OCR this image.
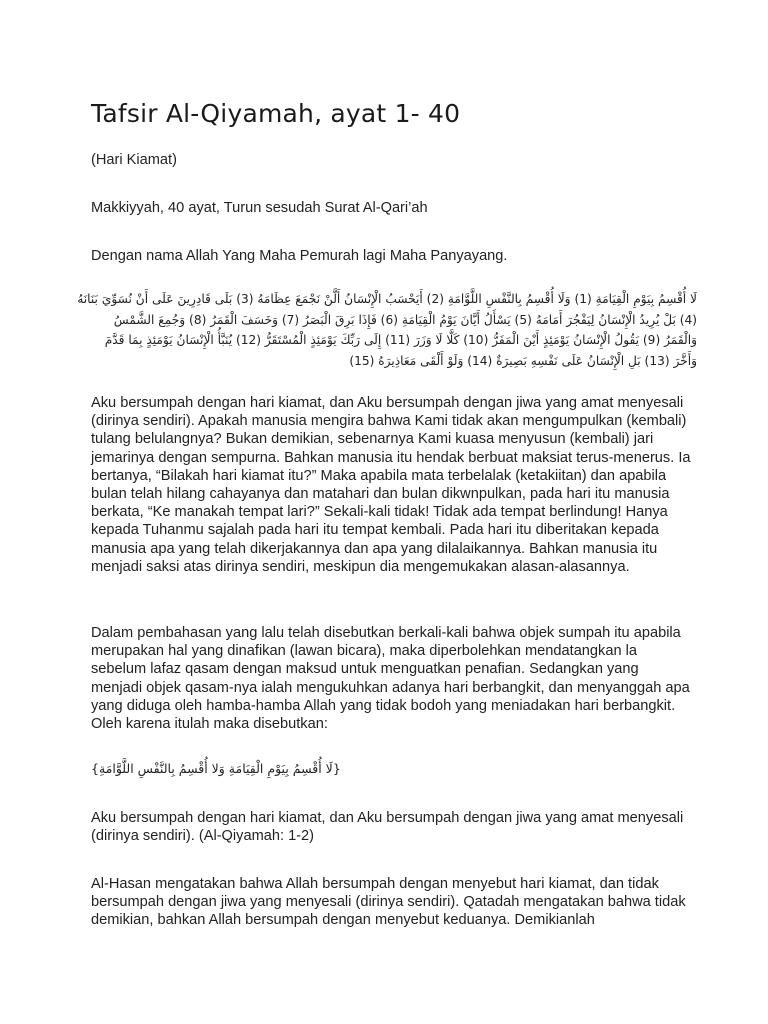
Tafsir Al-Qiyamah, ayat 1- 40

(Hari Kiamat)

Makkiyyah, 40 ayat, Turun sesudah Surat Al-Qari’ah

Dengan nama Allah Yang Maha Pemurah lagi Maha Panyayang.

لَا أُقْسِمُ بِيَوْمِ الْقِيَامَةِ (1) وَلَا أُقْسِمُ بِالنَّفْسِ اللَّوَّامَةِ (2) أَيَحْسَبُ الْإِنْسَانُ أَلَّنْ نَجْمَعَ عِظَامَهُ (3) بَلَى قَادِرِينَ عَلَى أَنْ نُسَوِّيَ بَنَانَهُ
(4) بَلْ يُرِيدُ الْإِنْسَانُ لِيَفْجُرَ أَمَامَهُ (5) يَسْأَلُ أَيَّانَ يَوْمُ الْقِيَامَةِ (6) فَإِذَا بَرِقَ الْبَصَرُ (7) وَخَسَفَ الْقَمَرُ (8) وَجُمِعَ الشَّمْسُ
وَالْقَمَرُ (9) يَقُولُ الْإِنْسَانُ يَوْمَئِذٍ أَيْنَ الْمَفَرُّ (10) كَلَّا لَا وَزَرَ (11) إِلَى رَبِّكَ يَوْمَئِذٍ الْمُسْتَقَرُّ (12) يُنَبَّأُ الْإِنْسَانُ يَوْمَئِذٍ بِمَا قَدَّمَ
وَأَخَّرَ (13) بَلِ الْإِنْسَانُ عَلَى نَفْسِهِ بَصِيرَةٌ (14) وَلَوْ أَلْقَى مَعَاذِيرَهُ (15)

Aku bersumpah dengan hari kiamat, dan Aku bersumpah dengan jiwa yang amat menyesali (dirinya sendiri). Apakah manusia mengira bahwa Kami tidak akan mengumpulkan (kembali) tulang belulangnya? Bukan demikian, sebenarnya Kami kuasa menyusun (kembali) jari jemarinya dengan sempurna. Bahkan manusia itu hendak berbuat maksiat terus-menerus. Ia bertanya, “Bilakah hari kiamat itu?” Maka apabila mata terbelalak (ketakiitan) dan apabila bulan telah hilang cahayanya dan matahari dan bulan dikwnpulkan, pada hari itu manusia berkata, “Ke manakah tempat lari?” Sekali-kali tidak! Tidak ada tempat berlindung! Hanya kepada Tuhanmu sajalah pada hari itu tempat kembali. Pada hari itu diberitakan kepada manusia apa yang telah dikerjakannya dan apa yang dilalaikannya. Bahkan manusia itu menjadi saksi atas dirinya sendiri, meskipun dia mengemukakan alasan-alasannya.

Dalam pembahasan yang lalu telah disebutkan berkali-kali bahwa objek sumpah itu apabila merupakan hal yang dinafikan (lawan bicara), maka diperbolehkan mendatangkan la sebelum lafaz qasam dengan maksud untuk menguatkan penafian. Sedangkan yang menjadi objek qasam-nya ialah mengukuhkan adanya hari berbangkit, dan menyanggah apa yang diduga oleh hamba-hamba Allah yang tidak bodoh yang meniadakan hari berbangkit. Oleh karena itulah maka disebutkan:

{لَا أُقْسِمُ بِيَوْمِ الْقِيَامَةِ وَلا أُقْسِمُ بِالنَّفْسِ اللَّوَّامَةِ}

Aku bersumpah dengan hari kiamat, dan Aku bersumpah dengan jiwa yang amat menyesali (dirinya sendiri). (Al-Qiyamah: 1-2)

Al-Hasan mengatakan bahwa Allah bersumpah dengan menyebut hari kiamat, dan tidak bersumpah dengan jiwa yang menyesali (dirinya sendiri). Qatadah mengatakan bahwa tidak demikian, bahkan Allah bersumpah dengan menyebut keduanya. Demikianlah
